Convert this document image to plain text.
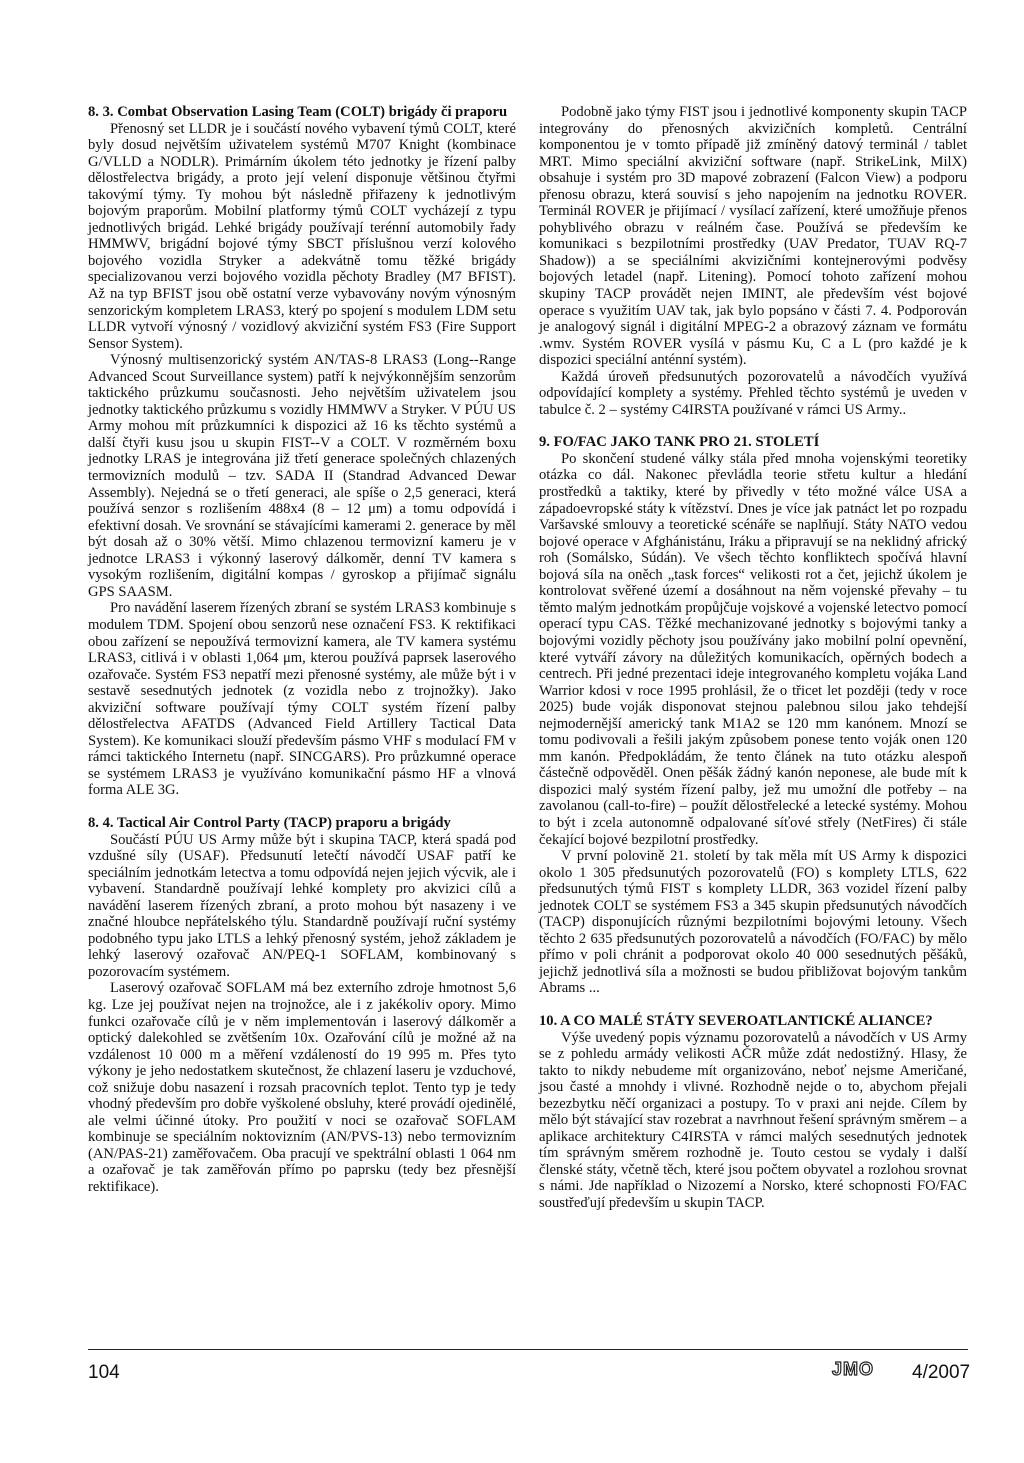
8. 3. Combat Observation Lasing Team (COLT) brigády či praporu

Přenosný set LLDR je i součástí nového vybavení týmů COLT, které byly dosud největším uživatelem systémů M707 Knight (kombinace G/VLLD a NODLR). Primárním úkolem této jednotky je řízení palby dělostřelectva brigády, a proto její velení disponuje většinou čtyřmi takovýmí týmy. Ty mohou být následně přiřazeny k jednotlivým bojovým praporům. Mobilní platformy týmů COLT vycházejí z typu jednotlivých brigád. Lehké brigády používají terénní automobily řady HMMWV, brigádní bojové týmy SBCT příslušnou verzí kolového bojového vozidla Stryker a adekvátně tomu těžké brigády specializovanou verzi bojového vozidla pěchoty Bradley (M7 BFIST). Až na typ BFIST jsou obě ostatní verze vybavovány novým výnosným senzorickým kompletem LRAS3, který po spojení s modulem LDM setu LLDR vytvoří výnosný / vozidlový akviziční systém FS3 (Fire Support Sensor System).

Výnosný multisenzorický systém AN/TAS-8 LRAS3 (Long--Range Advanced Scout Surveillance system) patří k nejvýkonnějším senzorům taktického průzkumu současnosti. Jeho největším uživatelem jsou jednotky taktického průzkumu s vozidly HMMWV a Stryker. V PÚU US Army mohou mít průzkumníci k dispozici až 16 ks těchto systémů a další čtyři kusu jsou u skupin FIST--V a COLT. V rozměrném boxu jednotky LRAS je integrována již třetí generace společných chlazených termovizních modulů – tzv. SADA II (Standrad Advanced Dewar Assembly). Nejedná se o třetí generaci, ale spíše o 2,5 generaci, která používá senzor s rozlišením 488x4 (8 – 12 μm) a tomu odpovídá i efektivní dosah. Ve srovnání se stávajícími kamerami 2. generace by měl být dosah až o 30% větší. Mimo chlazenou termovizní kameru je v jednotce LRAS3 i výkonný laserový dálkoměr, denní TV kamera s vysokým rozlišením, digitální kompas / gyroskop a přijímač signálu GPS SAASM.

Pro navádění laserem řízených zbraní se systém LRAS3 kombinuje s modulem TDM. Spojení obou senzorů nese označení FS3. K rektifikaci obou zařízení se nepoužívá termovizní kamera, ale TV kamera systému LRAS3, citlivá i v oblasti 1,064 μm, kterou používá paprsek laserového ozařovače. Systém FS3 nepatří mezi přenosné systémy, ale může být i v sestavě sesednutých jednotek (z vozidla nebo z trojnožky). Jako akviziční software používají týmy COLT systém řízení palby dělostřelectva AFATDS (Advanced Field Artillery Tactical Data System). Ke komunikaci slouží především pásmo VHF s modulací FM v rámci taktického Internetu (např. SINCGARS). Pro průzkumné operace se systémem LRAS3 je využíváno komunikační pásmo HF a vlnová forma ALE 3G.

8. 4. Tactical Air Control Party (TACP) praporu a brigády

Součástí PÚU US Army může být i skupina TACP, která spadá pod vzdušné síly (USAF). Předsunutí letečtí návodčí USAF patří ke speciálním jednotkám letectva a tomu odpovídá nejen jejich výcvik, ale i vybavení. Standardně používají lehké komplety pro akvizici cílů a navádění laserem řízených zbraní, a proto mohou být nasazeny i ve značné hloubce nepřátelského týlu. Standardně používají ruční systémy podobného typu jako LTLS a lehký přenosný systém, jehož základem je lehký laserový ozařovač AN/PEQ-1 SOFLAM, kombinovaný s pozorovacím systémem.

Laserový ozařovač SOFLAM má bez externího zdroje hmotnost 5,6 kg. Lze jej používat nejen na trojnožce, ale i z jakékoliv opory. Mimo funkci ozařovače cílů je v něm implementován i laserový dálkoměr a optický dalekohled se zvětšením 10x. Ozařování cílů je možné až na vzdálenost 10 000 m a měření vzdáleností do 19 995 m. Přes tyto výkony je jeho nedostatkem skutečnost, že chlazení laseru je vzduchové, což snižuje dobu nasazení i rozsah pracovních teplot. Tento typ je tedy vhodný především pro dobře vyškolené obsluhy, které provádí ojedinělé, ale velmi účinné útoky. Pro použití v noci se ozařovač SOFLAM kombinuje se speciálním noktovizním (AN/PVS-13) nebo termovizním (AN/PAS-21) zaměřovačem. Oba pracují ve spektrální oblasti 1 064 nm a ozařovač je tak zaměřován přímo po paprsku (tedy bez přesnější rektifikace).

Podobně jako týmy FIST jsou i jednotlivé komponenty skupin TACP integrovány do přenosných akvizičních kompletů. Centrální komponentou je v tomto případě již zmíněný datový terminál / tablet MRT. Mimo speciální akviziční software (např. StrikeLink, MilX) obsahuje i systém pro 3D mapové zobrazení (Falcon View) a podporu přenosu obrazu, která souvisí s jeho napojením na jednotku ROVER. Terminál ROVER je přijímací / vysílací zařízení, které umožňuje přenos pohyblivého obrazu v reálném čase. Používá se především ke komunikaci s bezpilotními prostředky (UAV Predator, TUAV RQ-7 Shadow)) a se speciálními akvizičními kontejnerovými podvěsy bojových letadel (např. Litening). Pomocí tohoto zařízení mohou skupiny TACP provádět nejen IMINT, ale především vést bojové operace s využitím UAV tak, jak bylo popsáno v části 7. 4. Podporován je analogový signál i digitální MPEG-2 a obrazový záznam ve formátu .wmv. Systém ROVER vysílá v pásmu Ku, C a L (pro každé je k dispozici speciální anténní systém).

Každá úroveň předsunutých pozorovatelů a návodčích využívá odpovídající komplety a systémy. Přehled těchto systémů je uveden v tabulce č. 2 – systémy C4IRSTA používané v rámci US Army..

9. FO/FAC JAKO TANK PRO 21. STOLETÍ

Po skončení studené války stála před mnoha vojenskými teoretiky otázka co dál. Nakonec převládla teorie střetu kultur a hledání prostředků a taktiky, které by přivedly v této možné válce USA a západoevropské státy k vítězství. Dnes je více jak patnáct let po rozpadu Varšavské smlouvy a teoretické scénáře se naplňují. Státy NATO vedou bojové operace v Afghánistánu, Iráku a připravují se na neklidný africký roh (Somálsko, Súdán). Ve všech těchto konfliktech spočívá hlavní bojová síla na oněch „task forces“ velikosti rot a čet, jejichž úkolem je kontrolovat svěřené území a dosáhnout na něm vojenské převahy – tu těmto malým jednotkám propůjčuje vojskové a vojenské letectvo pomocí operací typu CAS. Těžké mechanizované jednotky s bojovými tanky a bojovými vozidly pěchoty jsou používány jako mobilní polní opevnění, které vytváří závory na důležitých komunikacích, opěrných bodech a centrech. Při jedné prezentaci ideje integrovaného kompletu vojáka Land Warrior kdosi v roce 1995 prohlásil, že o třicet let později (tedy v roce 2025) bude voják disponovat stejnou palebnou silou jako tehdejší nejmodernější americký tank M1A2 se 120 mm kanónem. Mnozí se tomu podivovali a řešili jakým způsobem ponese tento voják onen 120 mm kanón. Předpokládám, že tento článek na tuto otázku alespoň částečně odpověděl. Onen pěšák žádný kanón neponese, ale bude mít k dispozici malý systém řízení palby, jež mu umožní dle potřeby – na zavolanou (call-to-fire) – použít dělostřelecké a letecké systémy. Mohou to být i zcela autonomně odpalované síťové střely (NetFires) či stále čekající bojové bezpilotní prostředky.

V první polovině 21. století by tak měla mít US Army k dispozici okolo 1 305 předsunutých pozorovatelů (FO) s komplety LTLS, 622 předsunutých týmů FIST s komplety LLDR, 363 vozidel řízení palby jednotek COLT se systémem FS3 a 345 skupin předsunutých návodčích (TACP) disponujících různými bezpilotními bojovými letouny. Všech těchto 2 635 předsunutých pozorovatelů a návodčích (FO/FAC) by mělo přímo v poli chránit a podporovat okolo 40 000 sesednutých pěšáků, jejichž jednotlivá síla a možnosti se budou přibližovat bojovým tankům Abrams ...

10. A CO MALÉ STÁTY SEVEROATLANTICKÉ ALIANCE?

Výše uvedený popis významu pozorovatelů a návodčích v US Army se z pohledu armády velikosti AČR může zdát nedostižný. Hlasy, že takto to nikdy nebudeme mít organizováno, neboť nejsme Američané, jsou časté a mnohdy i vlivné. Rozhodně nejde o to, abychom přejali bezezbytku něčí organizaci a postupy. To v praxi ani nejde. Cílem by mělo být stávající stav rozebrat a navrhnout řešení správným směrem – a aplikace architektury C4IRSTA v rámci malých sesednutých jednotek tím správným směrem rozhodně je. Touto cestou se vydaly i další členské státy, včetně těch, které jsou počtem obyvatel a rozlohou srovnat s námi. Jde například o Nizozemí a Norsko, které schopnosti FO/FAC soustřeďují především u skupin TACP.

104	JMO 4/2007
